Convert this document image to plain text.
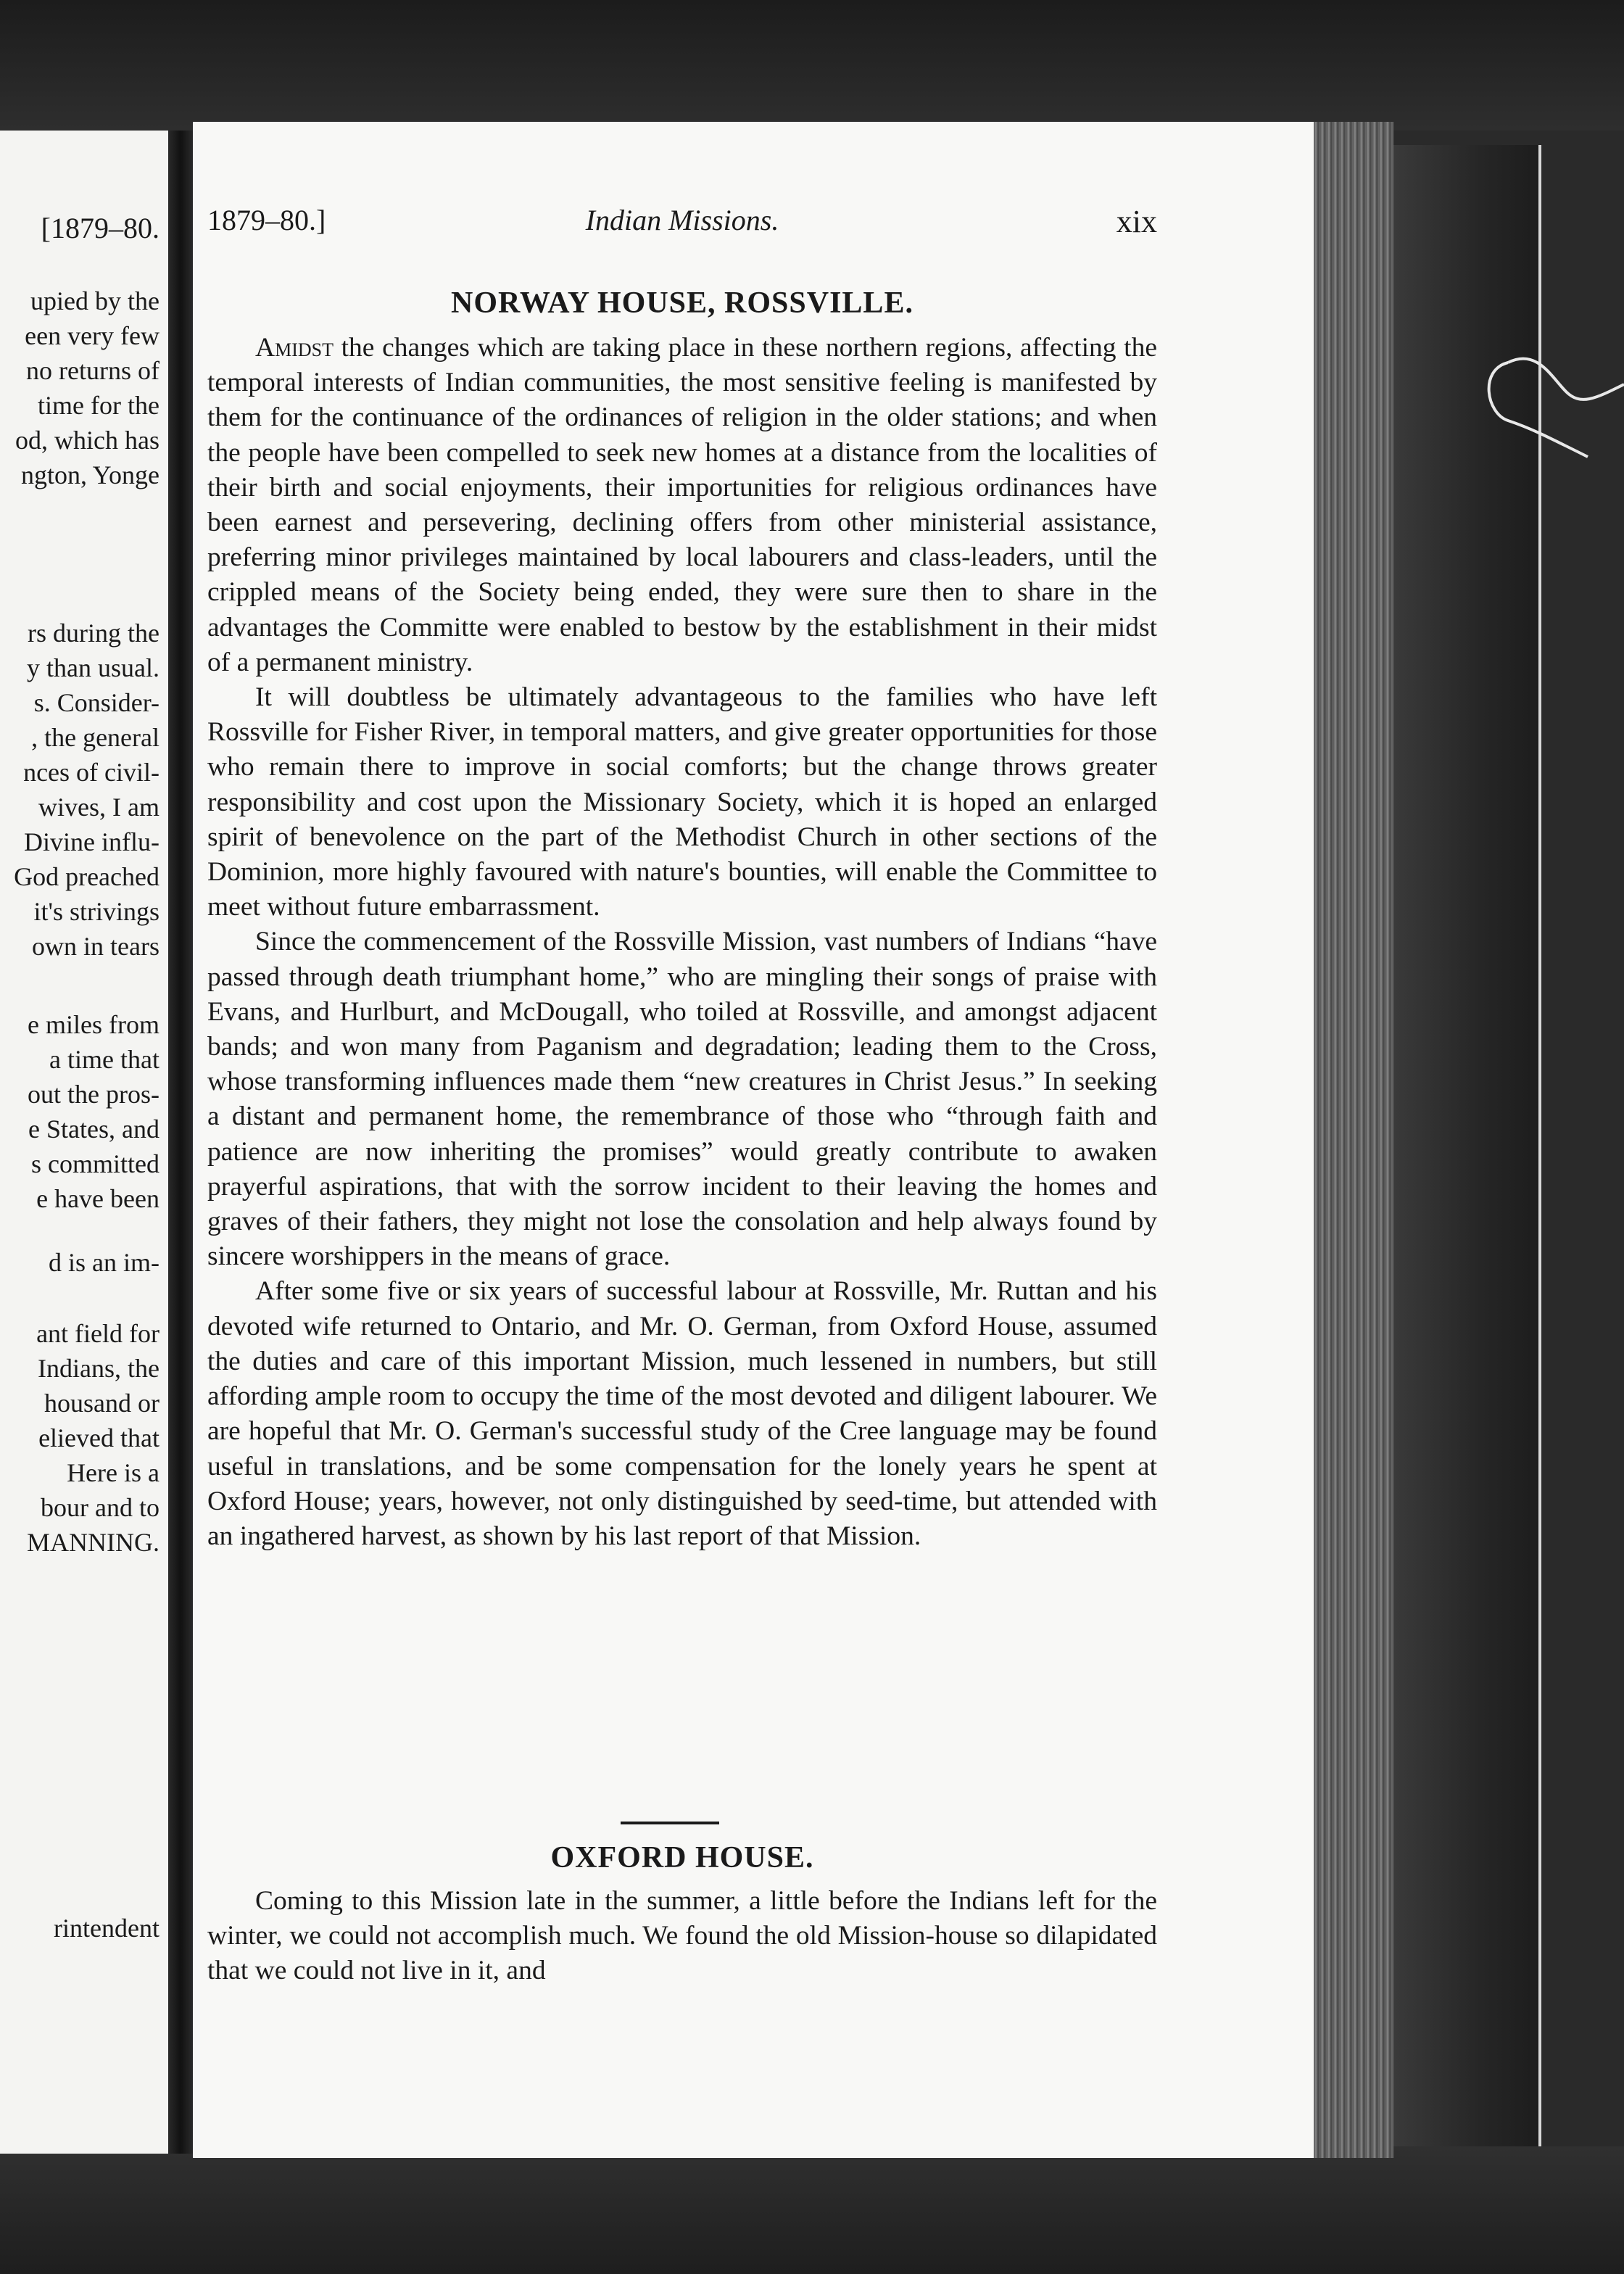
[1879–80.
upied by the
een very few
no returns of
time for the
od, which has
ngton, Yonge
rs during the
y than usual.
s. Consider-
, the general
nces of civil-
wives, I am
Divine influ-
God preached
it's strivings
own in tears
e miles from
a time that
out the pros-
e States, and
s committed
e have been
d is an im-
ant field for
Indians, the
housand or
elieved that
Here is a
bour and to
MANNING.
rintendent
1879–80.]	Indian Missions.	xix
NORWAY HOUSE, ROSSVILLE.

Amidst the changes which are taking place in these northern regions, affecting the temporal interests of Indian communities, the most sensitive feeling is manifested by them for the continuance of the ordinances of religion in the older stations; and when the people have been compelled to seek new homes at a distance from the localities of their birth and social enjoyments, their importunities for religious ordinances have been earnest and persevering, declining offers from other ministerial assistance, preferring minor privileges maintained by local labourers and class-leaders, until the crippled means of the Society being ended, they were sure then to share in the advantages the Committe were enabled to bestow by the establishment in their midst of a permanent ministry.

It will doubtless be ultimately advantageous to the families who have left Rossville for Fisher River, in temporal matters, and give greater opportunities for those who remain there to improve in social comforts; but the change throws greater responsibility and cost upon the Missionary Society, which it is hoped an enlarged spirit of benevolence on the part of the Methodist Church in other sections of the Dominion, more highly favoured with nature's bounties, will enable the Committee to meet without future embarrassment.

Since the commencement of the Rossville Mission, vast numbers of Indians “have passed through death triumphant home,” who are mingling their songs of praise with Evans, and Hurlburt, and McDougall, who toiled at Rossville, and amongst adjacent bands; and won many from Paganism and degradation; leading them to the Cross, whose transforming influences made them “new creatures in Christ Jesus.” In seeking a distant and permanent home, the remembrance of those who “through faith and patience are now inheriting the promises” would greatly contribute to awaken prayerful aspirations, that with the sorrow incident to their leaving the homes and graves of their fathers, they might not lose the consolation and help always found by sincere worshippers in the means of grace.

After some five or six years of successful labour at Rossville, Mr. Ruttan and his devoted wife returned to Ontario, and Mr. O. German, from Oxford House, assumed the duties and care of this important Mission, much lessened in numbers, but still affording ample room to occupy the time of the most devoted and diligent labourer. We are hopeful that Mr. O. German's successful study of the Cree language may be found useful in translations, and be some compensation for the lonely years he spent at Oxford House; years, however, not only distinguished by seed-time, but attended with an ingathered harvest, as shown by his last report of that Mission.

OXFORD HOUSE.

Coming to this Mission late in the summer, a little before the Indians left for the winter, we could not accomplish much. We found the old Mission-house so dilapidated that we could not live in it, and
